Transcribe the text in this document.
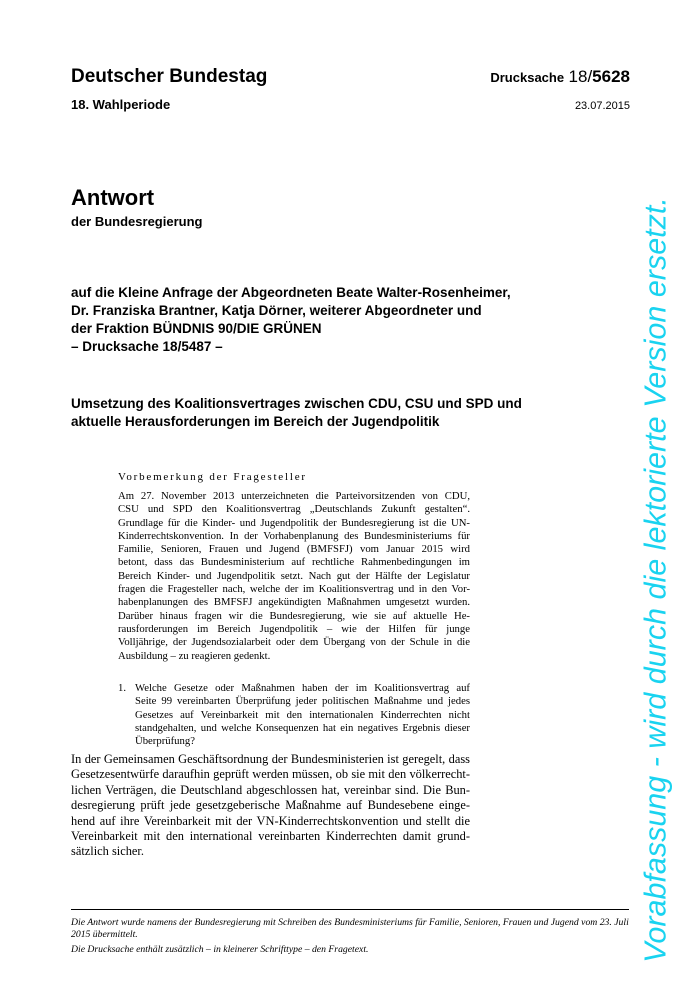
Deutscher Bundestag
18. Wahlperiode
Drucksache 18/5628
23.07.2015
Antwort
der Bundesregierung
auf die Kleine Anfrage der Abgeordneten Beate Walter-Rosenheimer,
Dr. Franziska Brantner, Katja Dörner, weiterer Abgeordneter und
der Fraktion BÜNDNIS 90/DIE GRÜNEN
– Drucksache 18/5487 –
Umsetzung des Koalitionsvertrages zwischen CDU, CSU und SPD und
aktuelle Herausforderungen im Bereich der Jugendpolitik
Vorbemerkung der Fragesteller
Am 27. November 2013 unterzeichneten die Parteivorsitzenden von CDU,
CSU und SPD den Koalitionsvertrag „Deutschlands Zukunft gestalten“.
Grundlage für die Kinder- und Jugendpolitik der Bundesregierung ist die UN-
Kinderrechtskonvention. In der Vorhabenplanung des Bundesministeriums für
Familie, Senioren, Frauen und Jugend (BMFSFJ) vom Januar 2015 wird
betont, dass das Bundesministerium auf rechtliche Rahmenbedingungen im
Bereich Kinder- und Jugendpolitik setzt. Nach gut der Hälfte der Legislatur
fragen die Fragesteller nach, welche der im Koalitionsvertrag und in den Vor-
habenplanungen des BMFSFJ angekündigten Maßnahmen umgesetzt wurden.
Darüber hinaus fragen wir die Bundesregierung, wie sie auf aktuelle He-
rausforderungen im Bereich Jugendpolitik – wie der Hilfen für junge
Volljährige, der Jugendsozialarbeit oder dem Übergang von der Schule in die
Ausbildung – zu reagieren gedenkt.
1. Welche Gesetze oder Maßnahmen haben der im Koalitionsvertrag auf
Seite 99 vereinbarten Überprüfung jeder politischen Maßnahme und jedes
Gesetzes auf Vereinbarkeit mit den internationalen Kinderrechten nicht
standgehalten, und welche Konsequenzen hat ein negatives Ergebnis dieser
Überprüfung?
In der Gemeinsamen Geschäftsordnung der Bundesministerien ist geregelt, dass
Gesetzesentwürfe daraufhin geprüft werden müssen, ob sie mit den völkerrecht-
lichen Verträgen, die Deutschland abgeschlossen hat, vereinbar sind. Die Bun-
desregierung prüft jede gesetzgeberische Maßnahme auf Bundesebene einge-
hend auf ihre Vereinbarkeit mit der VN-Kinderrechtskonvention und stellt die
Vereinbarkeit mit den international vereinbarten Kinderrechten damit grund-
sätzlich sicher.

Die Antwort wurde namens der Bundesregierung mit Schreiben des Bundesministeriums für Familie, Senioren, Frauen und Jugend vom 23. Juli 2015 übermittelt.

Die Drucksache enthält zusätzlich – in kleinerer Schrifttype – den Fragetext.	Vorabfassung - wird durch die lektorierte Version ersetzt.
